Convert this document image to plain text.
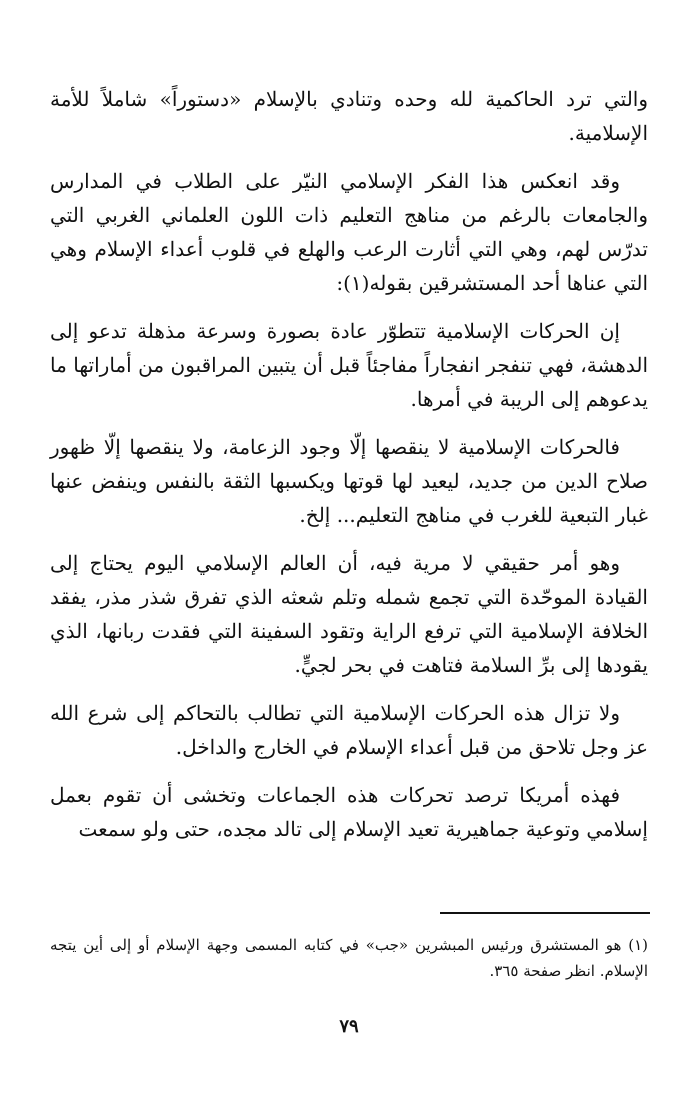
والتي ترد الحاكمية لله وحده وتنادي بالإسلام «دستوراً» شاملاً للأمة الإسلامية.

وقد انعكس هذا الفكر الإسلامي النيّر على الطلاب في المدارس والجامعات بالرغم من مناهج التعليم ذات اللون العلماني الغربي التي تدرّس لهم، وهي التي أثارت الرعب والهلع في قلوب أعداء الإسلام وهي التي عناها أحد المستشرقين بقوله(١):

إن الحركات الإسلامية تتطوّر عادة بصورة وسرعة مذهلة تدعو إلى الدهشة، فهي تنفجر انفجاراً مفاجئاً قبل أن يتبين المراقبون من أماراتها ما يدعوهم إلى الريبة في أمرها.

فالحركات الإسلامية لا ينقصها إلّا وجود الزعامة، ولا ينقصها إلّا ظهور صلاح الدين من جديد، ليعيد لها قوتها ويكسبها الثقة بالنفس وينفض عنها غبار التبعية للغرب في مناهج التعليم... إلخ.

وهو أمر حقيقي لا مرية فيه، أن العالم الإسلامي اليوم يحتاج إلى القيادة الموحّدة التي تجمع شمله وتلم شعثه الذي تفرق شذر مذر، يفقد الخلافة الإسلامية التي ترفع الراية وتقود السفينة التي فقدت ربانها، الذي يقودها إلى برِّ السلامة فتاهت في بحر لجيٍّ.

ولا تزال هذه الحركات الإسلامية التي تطالب بالتحاكم إلى شرع الله عز وجل تلاحق من قبل أعداء الإسلام في الخارج والداخل.

فهذه أمريكا ترصد تحركات هذه الجماعات وتخشى أن تقوم بعمل إسلامي وتوعية جماهيرية تعيد الإسلام إلى تالد مجده، حتى ولو سمعت

(١) هو المستشرق ورئيس المبشرين «جب» في كتابه المسمى وجهة الإسلام أو إلى أين يتجه الإسلام. انظر صفحة ٣٦٥.

٧٩
